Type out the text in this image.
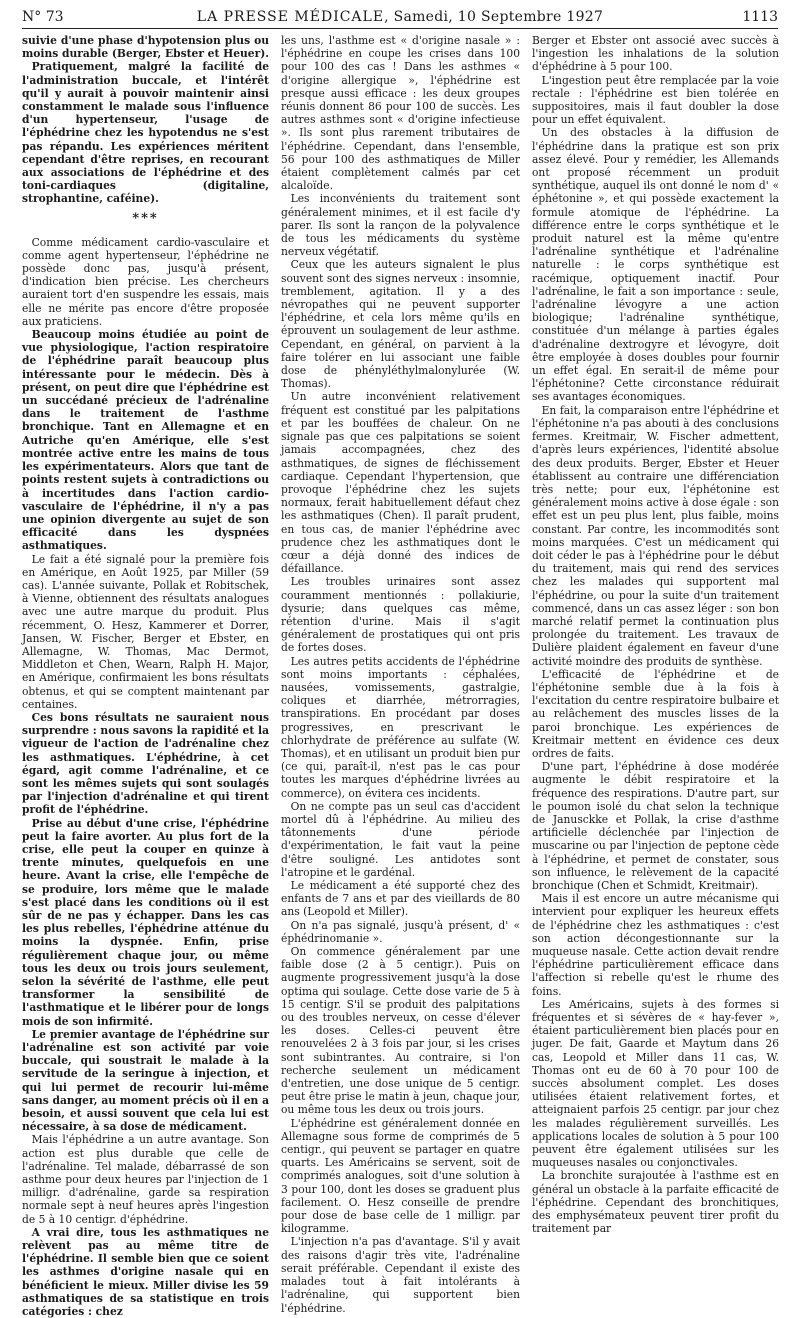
N° 73	LA PRESSE MÉDICALE, Samedi, 10 Septembre 1927	1113

suivie d'une phase d'hypotension plus ou moins durable (Berger, Ebster et Heuer).

Pratiquement, malgré la facilité de l'administration buccale, et l'intérêt qu'il y aurait à pouvoir maintenir ainsi constamment le malade sous l'influence d'un hypertenseur, l'usage de l'éphédrine chez les hypotendus ne s'est pas répandu. Les expériences méritent cependant d'être reprises, en recourant aux associations de l'éphédrine et des toni-cardiaques (digitaline, strophantine, caféine).

***

Comme médicament cardio-vasculaire et comme agent hypertenseur, l'éphédrine ne possède donc pas, jusqu'à présent, d'indication bien précise. Les chercheurs auraient tort d'en suspendre les essais, mais elle ne mérite pas encore d'être proposée aux praticiens.

Beaucoup moins étudiée au point de vue physiologique, l'action respiratoire de l'éphédrine paraît beaucoup plus intéressante pour le médecin. Dès à présent, on peut dire que l'éphédrine est un succédané précieux de l'adrénaline dans le traitement de l'asthme bronchique. Tant en Allemagne et en Autriche qu'en Amérique, elle s'est montrée active entre les mains de tous les expérimentateurs. Alors que tant de points restent sujets à contradictions ou à incertitudes dans l'action cardio-vasculaire de l'éphédrine, il n'y a pas une opinion divergente au sujet de son efficacité dans les dyspnées asthmatiques.

Le fait a été signalé pour la première fois en Amérique, en Août 1925, par Miller (59 cas). L'année suivante, Pollak et Robitschek, à Vienne, obtiennent des résultats analogues avec une autre marque du produit. Plus récemment, O. Hesz, Kammerer et Dorrer, Jansen, W. Fischer, Berger et Ebster, en Allemagne, W. Thomas, Mac Dermot, Middleton et Chen, Wearn, Ralph H. Major, en Amérique, confirmaient les bons résultats obtenus, et qui se comptent maintenant par centaines.

Ces bons résultats ne sauraient nous surprendre : nous savons la rapidité et la vigueur de l'action de l'adrénaline chez les asthmatiques. L'éphédrine, à cet égard, agit comme l'adrénaline, et ce sont les mêmes sujets qui sont soulagés par l'injection d'adrénaline et qui tirent profit de l'éphédrine.

Prise au début d'une crise, l'éphédrine peut la faire avorter. Au plus fort de la crise, elle peut la couper en quinze à trente minutes, quelquefois en une heure. Avant la crise, elle l'empêche de se produire, lors même que le malade s'est placé dans les conditions où il est sûr de ne pas y échapper. Dans les cas les plus rebelles, l'éphédrine atténue du moins la dyspnée. Enfin, prise régulièrement chaque jour, ou même tous les deux ou trois jours seulement, selon la sévérité de l'asthme, elle peut transformer la sensibilité de l'asthmatique et le libérer pour de longs mois de son infirmité.

Le premier avantage de l'éphédrine sur l'adrénaline est son activité par voie buccale, qui soustrait le malade à la servitude de la seringue à injection, et qui lui permet de recourir lui-même sans danger, au moment précis où il en a besoin, et aussi souvent que cela lui est nécessaire, à sa dose de médicament.

Mais l'éphédrine a un autre avantage. Son action est plus durable que celle de l'adrénaline. Tel malade, débarrassé de son asthme pour deux heures par l'injection de 1 milligr. d'adrénaline, garde sa respiration normale sept à neuf heures après l'ingestion de 5 à 10 centigr. d'éphédrine.

A vrai dire, tous les asthmatiques ne relèvent pas au même titre de l'éphédrine. Il semble bien que ce soient les asthmes d'origine nasale qui en bénéficient le mieux. Miller divise les 59 asthmatiques de sa statistique en trois catégories : chez

les uns, l'asthme est « d'origine nasale » : l'éphédrine en coupe les crises dans 100 pour 100 des cas ! Dans les asthmes « d'origine allergique », l'éphédrine est presque aussi efficace : les deux groupes réunis donnent 86 pour 100 de succès. Les autres asthmes sont « d'origine infectieuse ». Ils sont plus rarement tributaires de l'éphédrine. Cependant, dans l'ensemble, 56 pour 100 des asthmatiques de Miller étaient complètement calmés par cet alcaloïde.

Les inconvénients du traitement sont généralement minimes, et il est facile d'y parer. Ils sont la rançon de la polyvalence de tous les médicaments du système nerveux végétatif.

Ceux que les auteurs signalent le plus souvent sont des signes nerveux : insomnie, tremblement, agitation. Il y a des névropathes qui ne peuvent supporter l'éphédrine, et cela lors même qu'ils en éprouvent un soulagement de leur asthme. Cependant, en général, on parvient à la faire tolérer en lui associant une faible dose de phényléthylmalonylurée (W. Thomas).

Un autre inconvénient relativement fréquent est constitué par les palpitations et par les bouffées de chaleur. On ne signale pas que ces palpitations se soient jamais accompagnées, chez des asthmatiques, de signes de fléchissement cardiaque. Cependant l'hypertension, que provoque l'éphédrine chez les sujets normaux, ferait habituellement défaut chez les asthmatiques (Chen). Il paraît prudent, en tous cas, de manier l'éphédrine avec prudence chez les asthmatiques dont le cœur a déjà donné des indices de défaillance.

Les troubles urinaires sont assez couramment mentionnés : pollakiurie, dysurie; dans quelques cas même, rétention d'urine. Mais il s'agit généralement de prostatiques qui ont pris de fortes doses.

Les autres petits accidents de l'éphédrine sont moins importants : céphalées, nausées, vomissements, gastralgie, coliques et diarrhée, métrorragies, transpirations. En procédant par doses progressives, en prescrivant le chlorhydrate de préférence au sulfate (W. Thomas), et en utilisant un produit bien pur (ce qui, paraît-il, n'est pas le cas pour toutes les marques d'éphédrine livrées au commerce), on évitera ces incidents.

On ne compte pas un seul cas d'accident mortel dû à l'éphédrine. Au milieu des tâtonnements d'une période d'expérimentation, le fait vaut la peine d'être souligné. Les antidotes sont l'atropine et le gardénal.

Le médicament a été supporté chez des enfants de 7 ans et par des vieillards de 80 ans (Leopold et Miller).

On n'a pas signalé, jusqu'à présent, d' « éphédrinomanie ».

On commence généralement par une faible dose (2 à 5 centigr.). Puis on augmente progressivement jusqu'à la dose optima qui soulage. Cette dose varie de 5 à 15 centigr. S'il se produit des palpitations ou des troubles nerveux, on cesse d'élever les doses. Celles-ci peuvent être renouvelées 2 à 3 fois par jour, si les crises sont subintrantes. Au contraire, si l'on recherche seulement un médicament d'entretien, une dose unique de 5 centigr. peut être prise le matin à jeun, chaque jour, ou même tous les deux ou trois jours.

L'éphédrine est généralement donnée en Allemagne sous forme de comprimés de 5 centigr., qui peuvent se partager en quatre quarts. Les Américains se servent, soit de comprimés analogues, soit d'une solution à 3 pour 100, dont les doses se graduent plus facilement. O. Hesz conseille de prendre pour dose de base celle de 1 milligr. par kilogramme.

L'injection n'a pas d'avantage. S'il y avait des raisons d'agir très vite, l'adrénaline serait préférable. Cependant il existe des malades tout à fait intolérants à l'adrénaline, qui supportent bien l'éphédrine.

Berger et Ebster ont associé avec succès à l'ingestion les inhalations de la solution d'éphédrine à 5 pour 100.

L'ingestion peut être remplacée par la voie rectale : l'éphédrine est bien tolérée en suppositoires, mais il faut doubler la dose pour un effet équivalent.

Un des obstacles à la diffusion de l'éphédrine dans la pratique est son prix assez élevé. Pour y remédier, les Allemands ont proposé récemment un produit synthétique, auquel ils ont donné le nom d' « éphétonine », et qui possède exactement la formule atomique de l'éphédrine. La différence entre le corps synthétique et le produit naturel est la même qu'entre l'adrénaline synthétique et l'adrénaline naturelle : le corps synthétique est racémique, optiquement inactif. Pour l'adrénaline, le fait a son importance : seule, l'adrénaline lévogyre a une action biologique; l'adrénaline synthétique, constituée d'un mélange à parties égales d'adrénaline dextrogyre et lévogyre, doit être employée à doses doubles pour fournir un effet égal. En serait-il de même pour l'éphétonine? Cette circonstance réduirait ses avantages économiques.

En fait, la comparaison entre l'éphédrine et l'éphétonine n'a pas abouti à des conclusions fermes. Kreitmair, W. Fischer admettent, d'après leurs expériences, l'identité absolue des deux produits. Berger, Ebster et Heuer établissent au contraire une différenciation très nette; pour eux, l'éphétonine est généralement moins active à dose égale : son effet est un peu plus lent, plus faible, moins constant. Par contre, les incommodités sont moins marquées. C'est un médicament qui doit céder le pas à l'éphédrine pour le début du traitement, mais qui rend des services chez les malades qui supportent mal l'éphédrine, ou pour la suite d'un traitement commencé, dans un cas assez léger : son bon marché relatif permet la continuation plus prolongée du traitement. Les travaux de Dulière plaident également en faveur d'une activité moindre des produits de synthèse.

L'efficacité de l'éphédrine et de l'éphétonine semble due à la fois à l'excitation du centre respiratoire bulbaire et au relâchement des muscles lisses de la paroi bronchique. Les expériences de Kreitmair mettent en évidence ces deux ordres de faits.

D'une part, l'éphédrine à dose modérée augmente le débit respiratoire et la fréquence des respirations. D'autre part, sur le poumon isolé du chat selon la technique de Janusckke et Pollak, la crise d'asthme artificielle déclenchée par l'injection de muscarine ou par l'injection de peptone cède à l'éphédrine, et permet de constater, sous son influence, le relèvement de la capacité bronchique (Chen et Schmidt, Kreitmair).

Mais il est encore un autre mécanisme qui intervient pour expliquer les heureux effets de l'éphédrine chez les asthmatiques : c'est son action décongestionnante sur la muqueuse nasale. Cette action devait rendre l'éphédrine particulièrement efficace dans l'affection si rebelle qu'est le rhume des foins.

Les Américains, sujets à des formes si fréquentes et si sévères de « hay-fever », étaient particulièrement bien placés pour en juger. De fait, Gaarde et Maytum dans 26 cas, Leopold et Miller dans 11 cas, W. Thomas ont eu de 60 à 70 pour 100 de succès absolument complet. Les doses utilisées étaient relativement fortes, et atteignaient parfois 25 centigr. par jour chez les malades régulièrement surveillés. Les applications locales de solution à 5 pour 100 peuvent être également utilisées sur les muqueuses nasales ou conjonctivales.

La bronchite surajoutée à l'asthme est en général un obstacle à la parfaite efficacité de l'éphédrine. Cependant des bronchitiques, des emphysémateux peuvent tirer profit du traitement par
